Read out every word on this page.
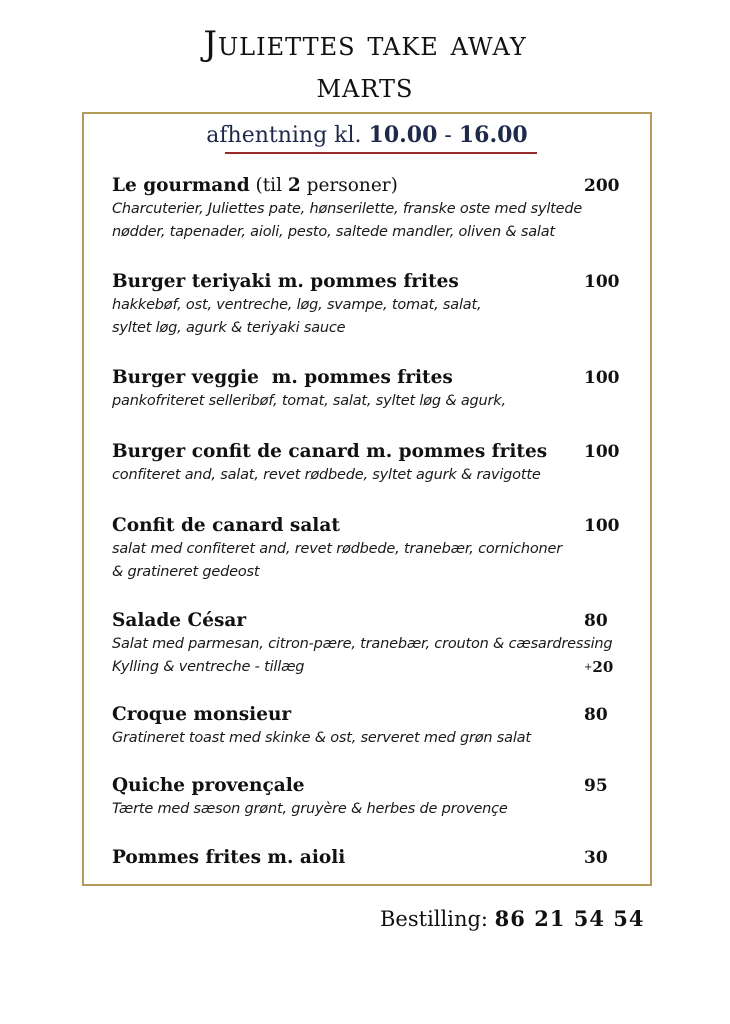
Juliettes take away
marts
afhentning kl. 10.00 - 16.00
Le gourmand (til 2 personer)
Charcuterier, Juliettes pate, hønserilette, franske oste med syltede
nødder, tapenader, aioli, pesto, saltede mandler, oliven & salat
200
Burger teriyaki m. pommes frites
hakkebøf, ost, ventreche, løg, svampe, tomat, salat,
syltet løg, agurk & teriyaki sauce
100
Burger veggie  m. pommes frites
pankofriteret selleribøf, tomat, salat, syltet løg & agurk,
100
Burger confit de canard m. pommes frites
confiteret and, salat, revet rødbede, syltet agurk & ravigotte
100
Confit de canard salat
salat med confiteret and, revet rødbede, tranebær, cornichoner
& gratineret gedeost
100
Salade César
Salat med parmesan, citron-pære, tranebær, crouton & cæsardressing
Kylling & ventreche - tillæg
80
+20
Croque monsieur
Gratineret toast med skinke & ost, serveret med grøn salat
80
Quiche provençale
Tærte med sæson grønt, gruyère & herbes de provençe
95
Pommes frites m. aioli	30
Bestilling: 86 21 54 54
